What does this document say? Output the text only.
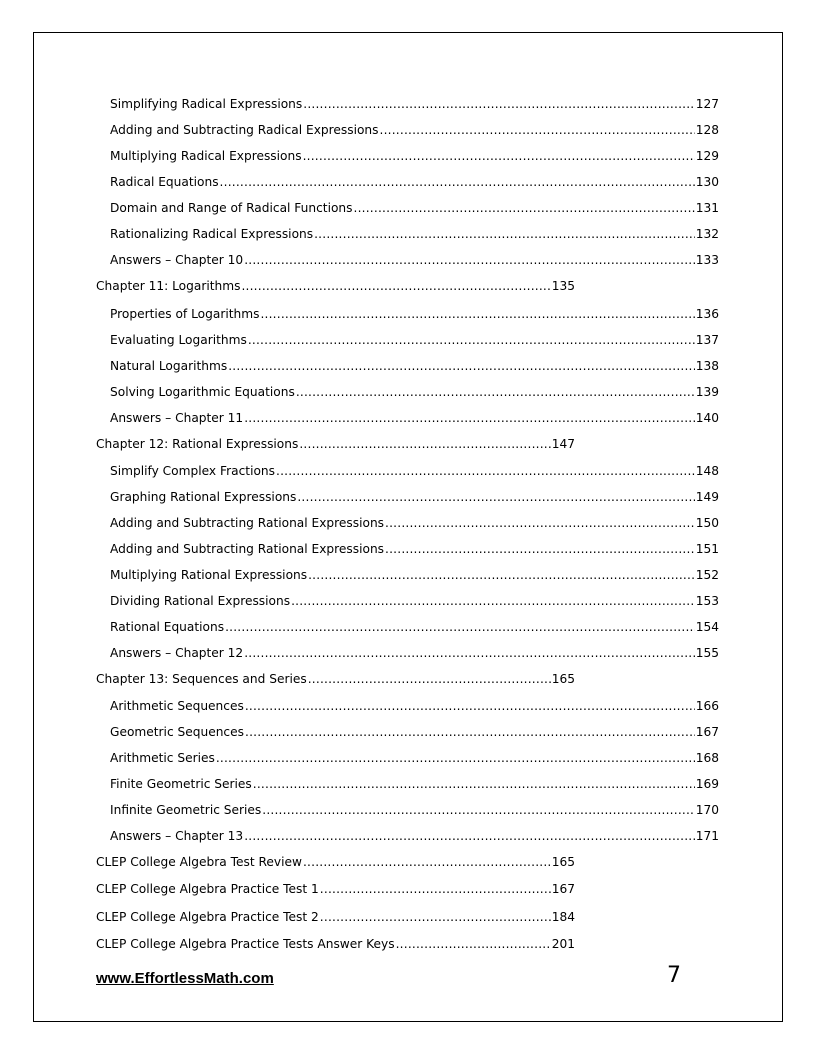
Simplifying Radical Expressions .....	127
Adding and Subtracting Radical Expressions .....	128
Multiplying Radical Expressions .....	129
Radical Equations .....	130
Domain and Range of Radical Functions .....	131
Rationalizing Radical Expressions .....	132
Answers – Chapter 10 .....	133
Chapter 11: Logarithms .....	135
Properties of Logarithms .....	136
Evaluating Logarithms .....	137
Natural Logarithms .....	138
Solving Logarithmic Equations .....	139
Answers – Chapter 11 .....	140
Chapter 12: Rational Expressions .....	147
Simplify Complex Fractions .....	148
Graphing Rational Expressions .....	149
Adding and Subtracting Rational Expressions .....	150
Adding and Subtracting Rational Expressions .....	151
Multiplying Rational Expressions .....	152
Dividing Rational Expressions .....	153
Rational Equations .....	154
Answers – Chapter 12 .....	155
Chapter 13: Sequences and Series .....	165
Arithmetic Sequences .....	166
Geometric Sequences .....	167
Arithmetic Series .....	168
Finite Geometric Series .....	169
Infinite Geometric Series .....	170
Answers – Chapter 13 .....	171
CLEP College Algebra Test Review .....	165
CLEP College Algebra Practice Test 1 .....	167
CLEP College Algebra Practice Test 2 .....	184
CLEP College Algebra Practice Tests Answer Keys .....	201
www.EffortlessMath.com	7
